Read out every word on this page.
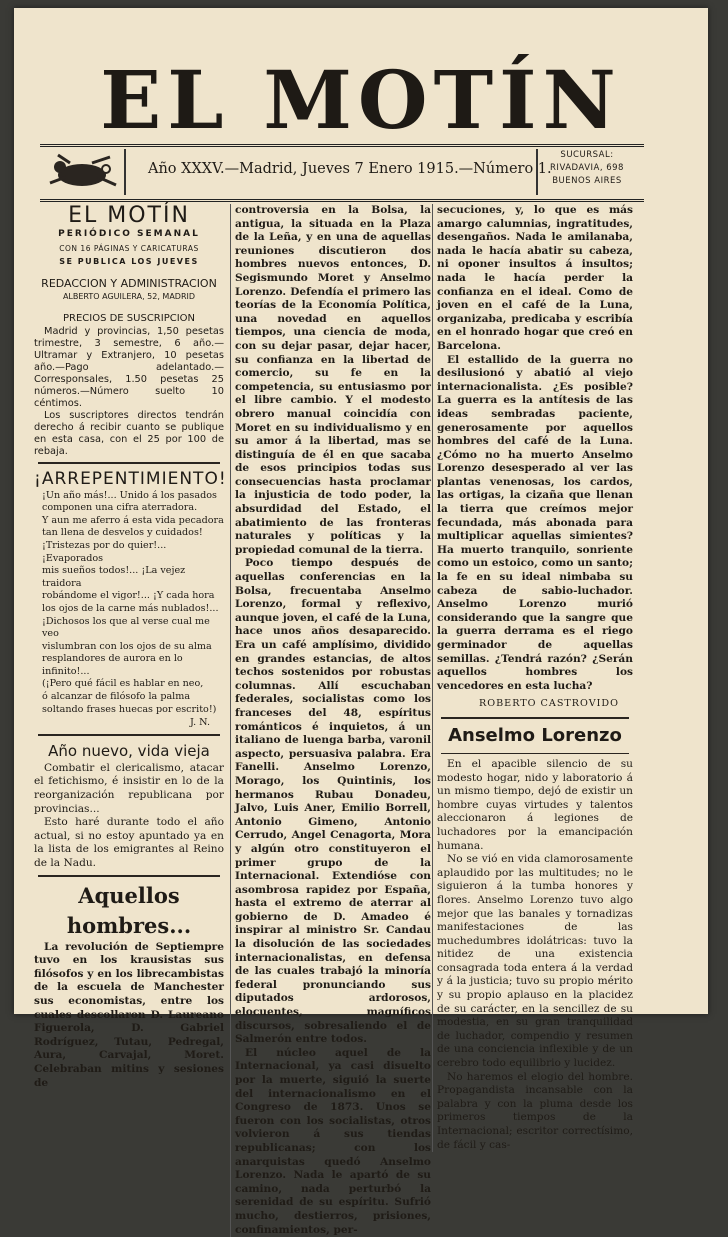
EL MOTÍN
Año XXXV.—Madrid, Jueves 7 Enero 1915.—Número 1.
SUCURSAL:
RIVADAVIA, 698
BUENOS AIRES
EL MOTÍN
PERIÓDICO SEMANAL
CON 16 PÁGINAS Y CARICATURAS
SE PUBLICA LOS JUEVES
REDACCION Y ADMINISTRACION
ALBERTO AGUILERA, 52, MADRID
PRECIOS DE SUSCRIPCION

Madrid y provincias, 1,50 pesetas trimestre, 3 semestre, 6 año.—Ultramar y Extranjero, 10 pesetas año.—Pago adelantado.—Corresponsales, 1.50 pesetas 25 números.—Número suelto 10 céntimos.

Los suscriptores directos tendrán derecho á recibir cuanto se publique en esta casa, con el 25 por 100 de rebaja.

¡ARREPENTIMIENTO!
¡Un año más!... Unido á los pasados
componen una cifra aterradora.
Y aun me aferro á esta vida pecadora
tan llena de desvelos y cuidados!
¡Tristezas por do quier!... ¡Evaporados
mis sueños todos!... ¡La vejez traidora
robándome el vigor!... ¡Y cada hora
los ojos de la carne más nublados!...
¡Dichosos los que al verse cual me veo
vislumbran con los ojos de su alma
resplandores de aurora en lo infinito!...
(¡Pero qué fácil es hablar en neo,
ó alcanzar de filósofo la palma
soltando frases huecas por escrito!)
J. N.
Año nuevo, vida vieja

Combatir el clericalismo, atacar el fetichismo, é insistir en lo de la reorganización republicana por provincias...

Esto haré durante todo el año actual, si no estoy apuntado ya en la lista de los emigrantes al Reino de la Nadu.

Aquellos hombres...

La revolución de Septiempre tuvo en los krausistas sus filósofos y en los librecambistas de la escuela de Manchester sus economistas, entre los cuales descollaron D. Laureano Figuerola, D. Gabriel Rodríguez, Tutau, Pedregal, Aura, Carvajal, Moret. Celebraban mitins y sesiones de

controversia en la Bolsa, la antigua, la situada en la Plaza de la Leña, y en una de aquellas reuniones discutieron dos hombres nuevos entonces, D. Segismundo Moret y Anselmo Lorenzo. Defendía el primero las teorías de la Economía Política, una novedad en aquellos tiempos, una ciencia de moda, con su dejar pasar, dejar hacer, su confianza en la libertad de comercio, su fe en la competencia, su entusiasmo por el libre cambio. Y el modesto obrero manual coincidía con Moret en su individualismo y en su amor á la libertad, mas se distinguía de él en que sacaba de esos principios todas sus consecuencias hasta proclamar la injusticia de todo poder, la absurdidad del Estado, el abatimiento de las fronteras naturales y políticas y la propiedad comunal de la tierra.

Poco tiempo después de aquellas conferencias en la Bolsa, frecuentaba Anselmo Lorenzo, formal y reflexivo, aunque joven, el café de la Luna, hace unos años desaparecido. Era un café amplísimo, dividido en grandes estancias, de altos techos sostenidos por robustas columnas. Allí escuchaban federales, socialistas como los franceses del 48, espíritus románticos é inquietos, á un italiano de luenga barba, varonil aspecto, persuasiva palabra. Era Fanelli. Anselmo Lorenzo, Morago, los Quintinis, los hermanos Rubau Donadeu, Jalvo, Luis Aner, Emilio Borrell, Antonio Gimeno, Antonio Cerrudo, Angel Cenagorta, Mora y algún otro constituyeron el primer grupo de la Internacional. Extendióse con asombrosa rapidez por España, hasta el extremo de aterrar al gobierno de D. Amadeo é inspirar al ministro Sr. Candau la disolución de las sociedades internacionalistas, en defensa de las cuales trabajó la minoría federal pronunciando sus diputados ardorosos, elocuentes, magníficos discursos, sobresaliendo el de Salmerón entre todos.

El núcleo aquel de la Internacional, ya casi disuelto por la muerte, siguió la suerte del internacionalismo en el Congreso de 1873. Unos se fueron con los socialistas, otros volvieron á sus tiendas republicanas; con los anarquistas quedó Anselmo Lorenzo. Nada le apartó de su camino, nada perturbó la serenidad de su espíritu. Sufrió mucho, destierros, prisiones, confinamientos, per-

secuciones, y, lo que es más amargo calumnias, ingratitudes, desengaños. Nada le amilanaba, nada le hacía abatir su cabeza, ni oponer insultos á insultos; nada le hacía perder la confianza en el ideal. Como de joven en el café de la Luna, organizaba, predicaba y escribía en el honrado hogar que creó en Barcelona.

El estallido de la guerra no desilusionó y abatió al viejo internacionalista. ¿Es posible? La guerra es la antítesis de las ideas sembradas paciente, generosamente por aquellos hombres del café de la Luna. ¿Cómo no ha muerto Anselmo Lorenzo desesperado al ver las plantas venenosas, los cardos, las ortigas, la cizaña que llenan la tierra que creímos mejor fecundada, más abonada para multiplicar aquellas simientes? Ha muerto tranquilo, sonriente como un estoico, como un santo; la fe en su ideal nimbaba su cabeza de sabio-luchador. Anselmo Lorenzo murió considerando que la sangre que la guerra derrama es el riego germinador de aquellas semillas. ¿Tendrá razón? ¿Serán aquellos hombres los vencedores en esta lucha?

ROBERTO CASTROVIDO
Anselmo Lorenzo

En el apacible silencio de su modesto hogar, nido y laboratorio á un mismo tiempo, dejó de existir un hombre cuyas virtudes y talentos aleccionaron á legiones de luchadores por la emancipación humana.

No se vió en vida clamorosamente aplaudido por las multitudes; no le siguieron á la tumba honores y flores. Anselmo Lorenzo tuvo algo mejor que las banales y tornadizas manifestaciones de las muchedumbres idolátricas: tuvo la nitidez de una existencia consagrada toda entera á la verdad y á la justicia; tuvo su propio mérito y su propio aplauso en la placidez de su carácter, en la sencillez de su modestia, en su gran tranquilidad de luchador, compendio y resumen de una conciencia inflexible y de un cerebro todo equilibrio y lucidez.

No haremos el elogio del hombre. Propagandista incansable con la palabra y con la pluma desde los primeros tiempos de la Internacional; escritor correctísimo, de fácil y cas-
